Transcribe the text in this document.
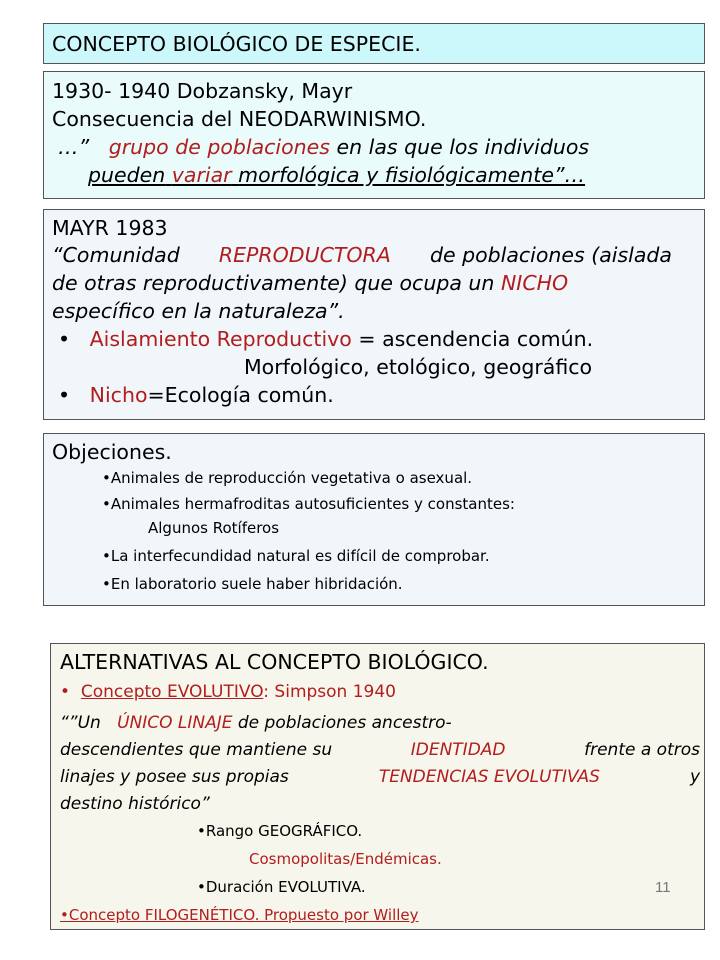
CONCEPTO BIOLÓGICO DE ESPECIE.
1930- 1940 Dobzansky, Mayr
Consecuencia del NEODARWINISMO.
…” grupo de poblaciones en las que los individuos
pueden variar morfológica y fisiológicamente”…
MAYR 1983
“Comunidad REPRODUCTORA de poblaciones (aislada
de otras reproductivamente) que ocupa un NICHO
específico en la naturaleza”.
• Aislamiento Reproductivo = ascendencia común.
Morfológico, etológico, geográfico
• Nicho=Ecología común.
Objeciones.
•Animales de reproducción vegetativa o asexual.
•Animales hermafroditas autosuficientes y constantes:
Algunos Rotíferos
•La interfecundidad natural es difícil de comprobar.
•En laboratorio suele haber hibridación.
ALTERNATIVAS AL CONCEPTO BIOLÓGICO.
• Concepto EVOLUTIVO: Simpson 1940
“”Un
ÚNICO LINAJE
de poblaciones ancestro-
descendientes que mantiene su	IDENTIDAD	frente a otros
linajes y posee sus propias	TENDENCIAS EVOLUTIVAS	y
destino histórico”
•Rango GEOGRÁFICO.
Cosmopolitas/Endémicas.
•Duración EVOLUTIVA.
•Concepto FILOGENÉTICO. Propuesto por Willey
11
